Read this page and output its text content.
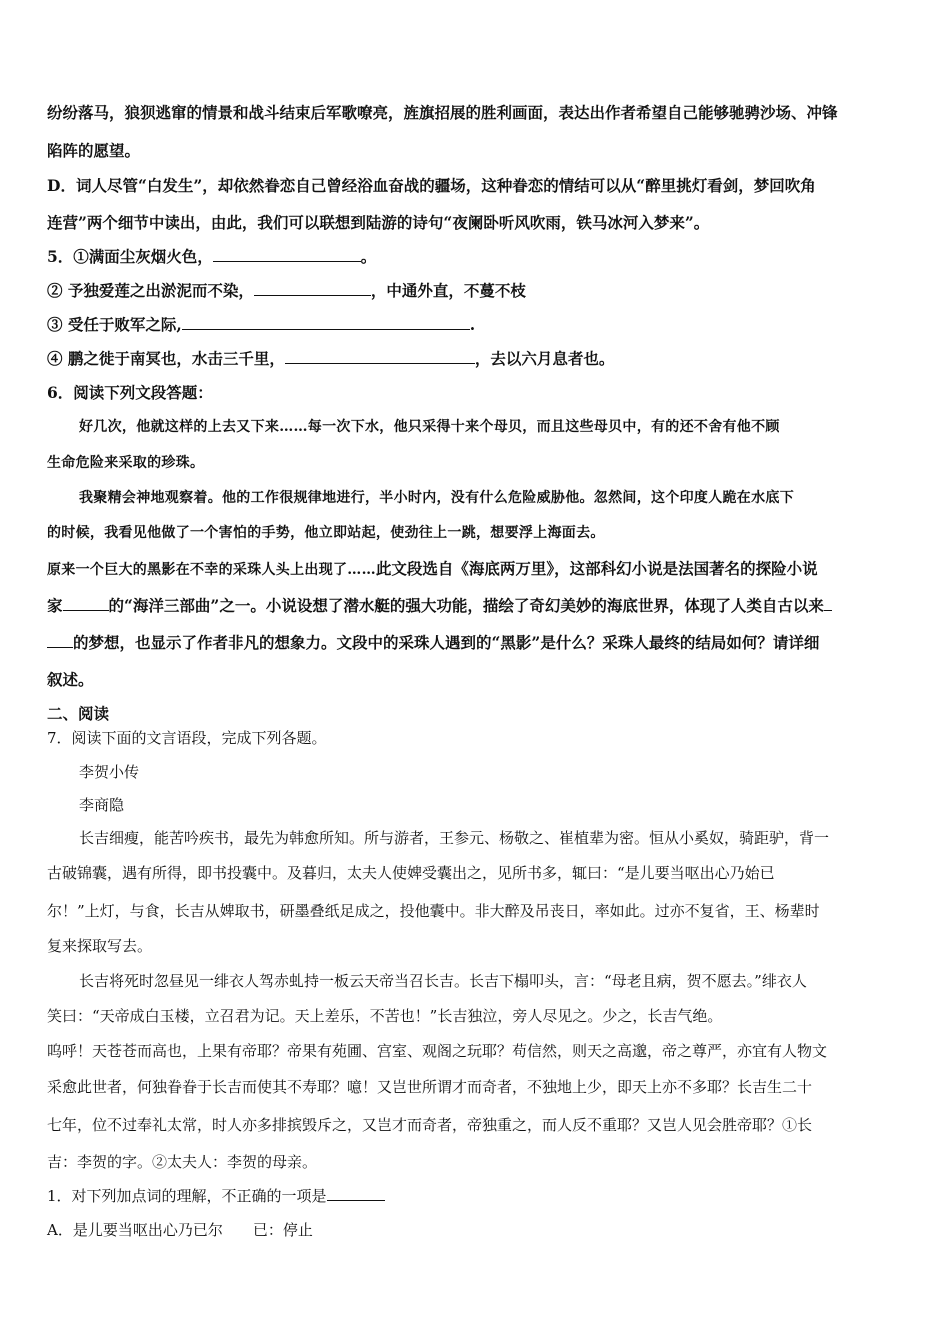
纷纷落马，狼狈逃窜的情景和战斗结束后军歌嘹亮，旌旗招展的胜利画面，表达出作者希望自己能够驰骋沙场、冲锋
陷阵的愿望。
D．词人尽管“白发生”，却依然眷恋自己曾经浴血奋战的疆场，这种眷恋的情结可以从“醉里挑灯看剑，梦回吹角
连营”两个细节中读出，由此，我们可以联想到陆游的诗句“夜阑卧听风吹雨，铁马冰河入梦来”。
5．①满面尘灰烟火色，	。
② 予独爱莲之出淤泥而不染，	，中通外直，不蔓不枝
③ 受任于败军之际,	.
④ 鹏之徙于南冥也，水击三千里，	，去以六月息者也。
6．阅读下列文段答题：
好几次，他就这样的上去又下来……每一次下水，他只采得十来个母贝，而且这些母贝中，有的还不舍有他不顾
生命危险来采取的珍珠。
我聚精会神地观察着。他的工作很规律地进行，半小时内，没有什么危险威胁他。忽然间，这个印度人跪在水底下
的时候，我看见他做了一个害怕的手势，他立即站起，使劲往上一跳，想要浮上海面去。
原来一个巨大的黑影在不幸的采珠人头上出现了……此文段选自《海底两万里》，这部科幻小说是法国著名的探险小说
家	的“海洋三部曲”之一。小说设想了潜水艇的强大功能，描绘了奇幻美妙的海底世界，体现了人类自古以来
的梦想，也显示了作者非凡的想象力。文段中的采珠人遇到的“黑影”是什么？采珠人最终的结局如何？请详细
叙述。
二、阅读
7．阅读下面的文言语段，完成下列各题。
李贺小传
李商隐
长吉细瘦，能苦吟疾书，最先为韩愈所知。所与游者，王参元、杨敬之、崔植辈为密。恒从小奚奴，骑距驴，背一
古破锦囊，遇有所得，即书投囊中。及暮归，太夫人使婢受囊出之，见所书多，辄曰：“是儿要当呕出心乃始已
尔！”上灯，与食，长吉从婢取书，研墨叠纸足成之，投他囊中。非大醉及吊丧日，率如此。过亦不复省，王、杨辈时
复来探取写去。
长吉将死时忽昼见一绯衣人驾赤虬持一板云天帝当召长吉。长吉下榻叩头，言：“母老且病，贺不愿去。”绯衣人
笑曰：“天帝成白玉楼，立召君为记。天上差乐，不苦也！”长吉独泣，旁人尽见之。少之，长吉气绝。
呜呼！天苍苍而高也，上果有帝耶？帝果有苑圃、宫室、观阁之玩耶？苟信然，则天之高邈，帝之尊严，亦宜有人物文
采愈此世者，何独眷眷于长吉而使其不寿耶？噫！又岂世所谓才而奇者，不独地上少，即天上亦不多耶？长吉生二十
七年，位不过奉礼太常，时人亦多排摈毁斥之，又岂才而奇者，帝独重之，而人反不重耶？又岂人见会胜帝耶？①长
吉：李贺的字。②太夫人：李贺的母亲。
1．对下列加点词的理解，不正确的一项是
A．是儿要当呕出心乃已尔　　已：停止
